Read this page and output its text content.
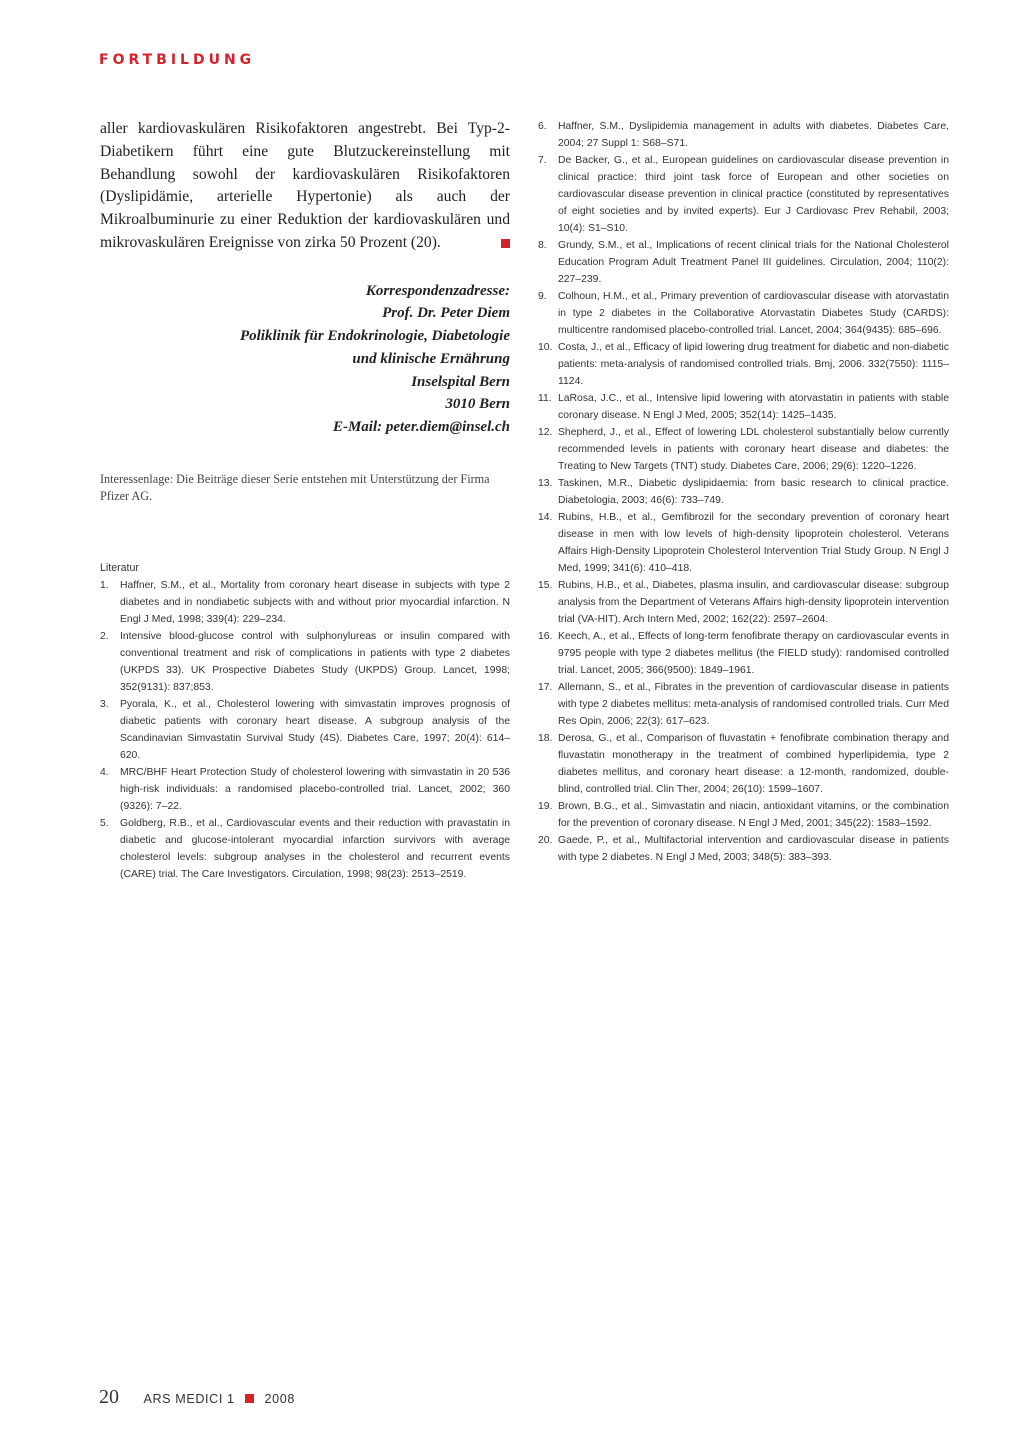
FORTBILDUNG

aller kardiovaskulären Risikofaktoren angestrebt. Bei Typ-2-Diabetikern führt eine gute Blutzuckereinstellung mit Behandlung sowohl der kardiovaskulären Risikofaktoren (Dyslipidämie, arterielle Hypertonie) als auch der Mikroalbuminurie zu einer Reduktion der kardiovaskulären und mikrovaskulären Ereignisse von zirka 50 Prozent (20).

Korrespondenzadresse:
Prof. Dr. Peter Diem
Poliklinik für Endokrinologie, Diabetologie
und klinische Ernährung
Inselspital Bern
3010 Bern
E-Mail: peter.diem@insel.ch
Interessenlage: Die Beiträge dieser Serie entstehen mit Unterstützung der Firma Pfizer AG.
Literatur
1. Haffner, S.M., et al., Mortality from coronary heart disease in subjects with type 2 diabetes and in nondiabetic subjects with and without prior myocardial infarction. N Engl J Med, 1998; 339(4): 229–234.
2. Intensive blood-glucose control with sulphonylureas or insulin compared with conventional treatment and risk of complications in patients with type 2 diabetes (UKPDS 33). UK Prospective Diabetes Study (UKPDS) Group. Lancet, 1998; 352(9131): 837;853.
3. Pyorala, K., et al., Cholesterol lowering with simvastatin improves prognosis of diabetic patients with coronary heart disease. A subgroup analysis of the Scandinavian Simvastatin Survival Study (4S). Diabetes Care, 1997; 20(4): 614–620.
4. MRC/BHF Heart Protection Study of cholesterol lowering with simvastatin in 20 536 high-risk individuals: a randomised placebo-controlled trial. Lancet, 2002; 360 (9326): 7–22.
5. Goldberg, R.B., et al., Cardiovascular events and their reduction with pravastatin in diabetic and glucose-intolerant myocardial infarction survivors with average cholesterol levels: subgroup analyses in the cholesterol and recurrent events (CARE) trial. The Care Investigators. Circulation, 1998; 98(23): 2513–2519.
6. Haffner, S.M., Dyslipidemia management in adults with diabetes. Diabetes Care, 2004; 27 Suppl 1: S68–S71.
7. De Backer, G., et al., European guidelines on cardiovascular disease prevention in clinical practice: third joint task force of European and other societies on cardiovascular disease prevention in clinical practice (constituted by representatives of eight societies and by invited experts). Eur J Cardiovasc Prev Rehabil, 2003; 10(4): S1–S10.
8. Grundy, S.M., et al., Implications of recent clinical trials for the National Cholesterol Education Program Adult Treatment Panel III guidelines. Circulation, 2004; 110(2): 227–239.
9. Colhoun, H.M., et al., Primary prevention of cardiovascular disease with atorvastatin in type 2 diabetes in the Collaborative Atorvastatin Diabetes Study (CARDS): multicentre randomised placebo-controlled trial. Lancet, 2004; 364(9435): 685–696.
10. Costa, J., et al., Efficacy of lipid lowering drug treatment for diabetic and non-diabetic patients: meta-analysis of randomised controlled trials. Bmj, 2006. 332(7550): 1115–1124.
11. LaRosa, J.C., et al., Intensive lipid lowering with atorvastatin in patients with stable coronary disease. N Engl J Med, 2005; 352(14): 1425–1435.
12. Shepherd, J., et al., Effect of lowering LDL cholesterol substantially below currently recommended levels in patients with coronary heart disease and diabetes: the Treating to New Targets (TNT) study. Diabetes Care, 2006; 29(6): 1220–1226.
13. Taskinen, M.R., Diabetic dyslipidaemia: from basic research to clinical practice. Diabetologia, 2003; 46(6): 733–749.
14. Rubins, H.B., et al., Gemfibrozil for the secondary prevention of coronary heart disease in men with low levels of high-density lipoprotein cholesterol. Veterans Affairs High-Density Lipoprotein Cholesterol Intervention Trial Study Group. N Engl J Med, 1999; 341(6): 410–418.
15. Rubins, H.B., et al., Diabetes, plasma insulin, and cardiovascular disease: subgroup analysis from the Department of Veterans Affairs high-density lipoprotein intervention trial (VA-HIT). Arch Intern Med, 2002; 162(22): 2597–2604.
16. Keech, A., et al., Effects of long-term fenofibrate therapy on cardiovascular events in 9795 people with type 2 diabetes mellitus (the FIELD study): randomised controlled trial. Lancet, 2005; 366(9500): 1849–1961.
17. Allemann, S., et al., Fibrates in the prevention of cardiovascular disease in patients with type 2 diabetes mellitus: meta-analysis of randomised controlled trials. Curr Med Res Opin, 2006; 22(3): 617–623.
18. Derosa, G., et al., Comparison of fluvastatin + fenofibrate combination therapy and fluvastatin monotherapy in the treatment of combined hyperlipidemia, type 2 diabetes mellitus, and coronary heart disease: a 12-month, randomized, double-blind, controlled trial. Clin Ther, 2004; 26(10): 1599–1607.
19. Brown, B.G., et al., Simvastatin and niacin, antioxidant vitamins, or the combination for the prevention of coronary disease. N Engl J Med, 2001; 345(22): 1583–1592.
20. Gaede, P., et al., Multifactorial intervention and cardiovascular disease in patients with type 2 diabetes. N Engl J Med, 2003; 348(5): 383–393.
20 ARS MEDICI 1 2008
